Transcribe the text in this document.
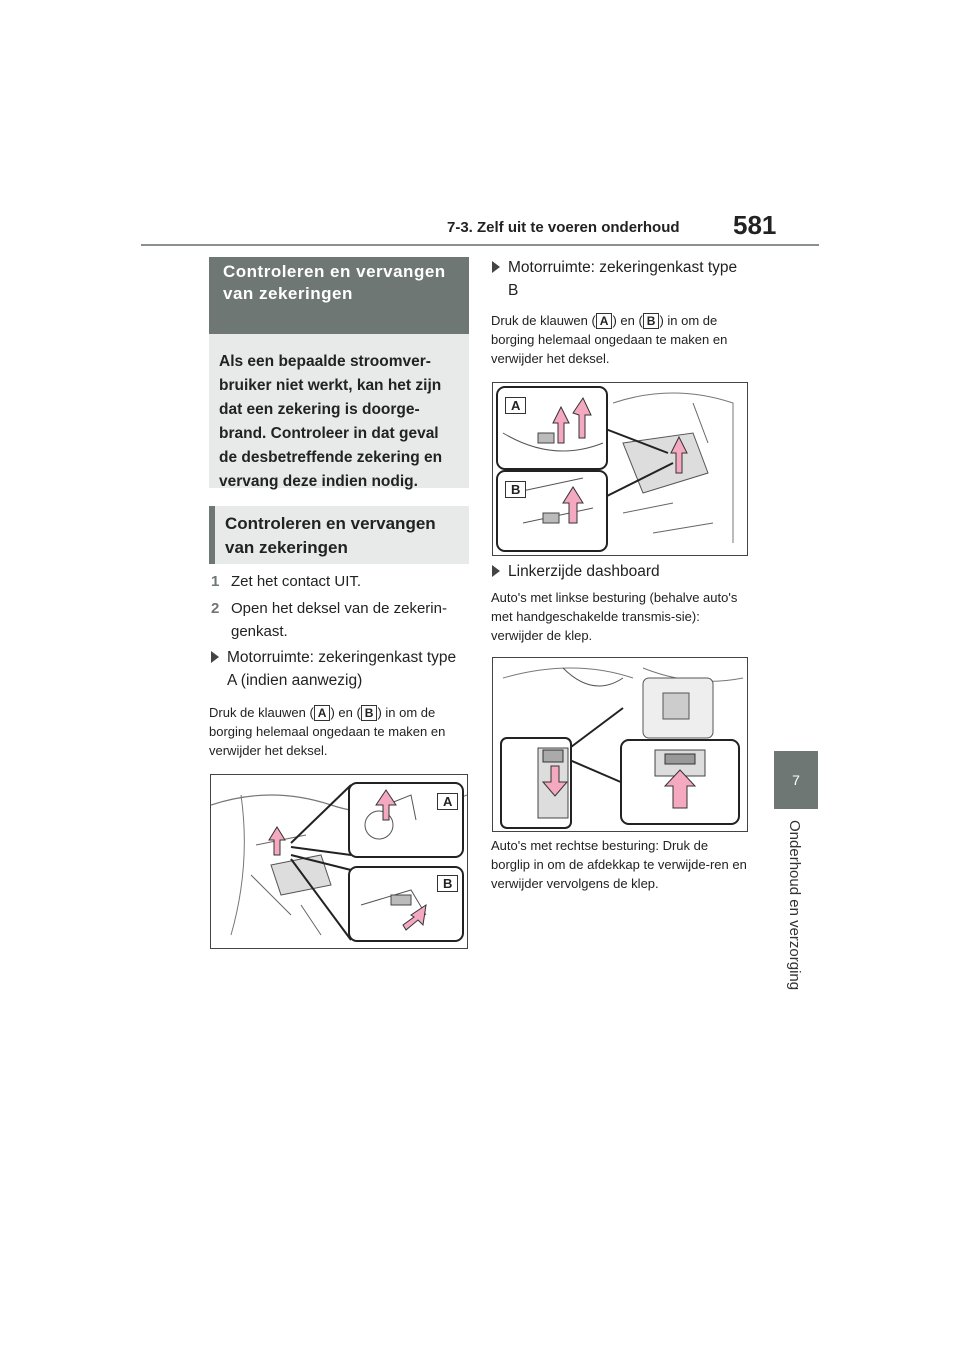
7-3. Zelf uit te voeren onderhoud 581
7
Onderhoud en verzorging
Controleren en vervangen van zekeringen
Als een bepaalde stroomver-bruiker niet werkt, kan het zijn dat een zekering is doorge-brand. Controleer in dat geval de desbetreffende zekering en vervang deze indien nodig.
Controleren en vervangen van zekeringen
1 Zet het contact UIT.
2 Open het deksel van de zekerin-genkast.
Motorruimte: zekeringenkast type A (indien aanwezig)
Druk de klauwen ( A ) en ( B ) in om de borging helemaal ongedaan te maken en verwijder het deksel.
A
B
Motorruimte: zekeringenkast type B
Druk de klauwen ( A ) en ( B ) in om de borging helemaal ongedaan te maken en verwijder het deksel.
A
B
Linkerzijde dashboard
Auto's met linkse besturing (behalve auto's met handgeschakelde transmis-sie): verwijder de klep.
Auto's met rechtse besturing: Druk de borglip in om de afdekkap te verwijde-ren en verwijder vervolgens de klep.
